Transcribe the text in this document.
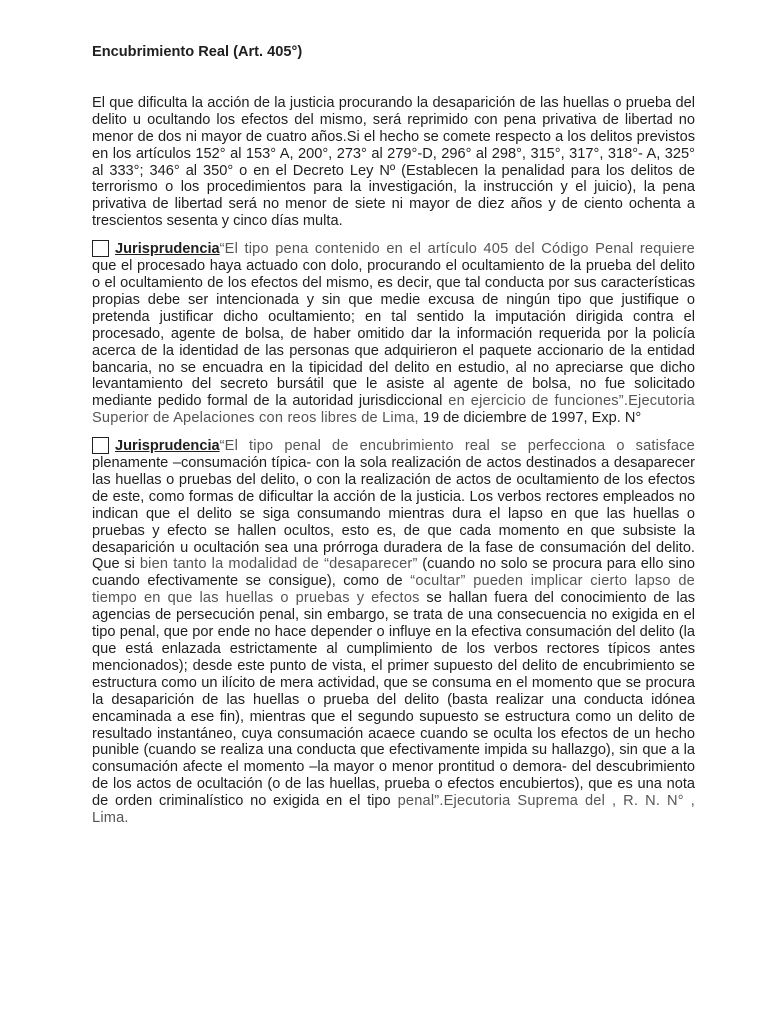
Encubrimiento Real (Art. 405°)

El que dificulta la acción de la justicia procurando la desaparición de las huellas o prueba del delito u ocultando los efectos del mismo, será reprimido con pena privativa de libertad no menor de dos ni mayor de cuatro años.Si el hecho se comete respecto a los delitos previstos en los artículos 152° al 153° A, 200°, 273° al 279°-D, 296° al 298°, 315°, 317°, 318°- A, 325° al 333°; 346° al 350° o en el Decreto Ley Nº (Establecen la penalidad para los delitos de terrorismo o los procedimientos para la investigación, la instrucción y el juicio), la pena privativa de libertad será no menor de siete ni mayor de diez años y de ciento ochenta a trescientos sesenta y cinco días multa.

Jurisprudencia“El tipo pena contenido en el artículo 405 del Código Penal requiere que el procesado haya actuado con dolo, procurando el ocultamiento de la prueba del delito o el ocultamiento de los efectos del mismo, es decir, que tal conducta por sus características propias debe ser intencionada y sin que medie excusa de ningún tipo que justifique o pretenda justificar dicho ocultamiento; en tal sentido la imputación dirigida contra el procesado, agente de bolsa, de haber omitido dar la información requerida por la policía acerca de la identidad de las personas que adquirieron el paquete accionario de la entidad bancaria, no se encuadra en la tipicidad del delito en estudio, al no apreciarse que dicho levantamiento del secreto bursátil que le asiste al agente de bolsa, no fue solicitado mediante pedido formal de la autoridad jurisdiccional en ejercicio de funciones”.Ejecutoria Superior de Apelaciones con reos libres de Lima, 19 de diciembre de 1997, Exp. N°

Jurisprudencia“El tipo penal de encubrimiento real se perfecciona o satisface plenamente –consumación típica- con la sola realización de actos destinados a desaparecer las huellas o pruebas del delito, o con la realización de actos de ocultamiento de los efectos de este, como formas de dificultar la acción de la justicia. Los verbos rectores empleados no indican que el delito se siga consumando mientras dura el lapso en que las huellas o pruebas y efecto se hallen ocultos, esto es, de que cada momento en que subsiste la desaparición u ocultación sea una prórroga duradera de la fase de consumación del delito. Que si bien tanto la modalidad de “desaparecer” (cuando no solo se procura para ello sino cuando efectivamente se consigue), como de “ocultar” pueden implicar cierto lapso de tiempo en que las huellas o pruebas y efectos se hallan fuera del conocimiento de las agencias de persecución penal, sin embargo, se trata de una consecuencia no exigida en el tipo penal, que por ende no hace depender o influye en la efectiva consumación del delito (la que está enlazada estrictamente al cumplimiento de los verbos rectores típicos antes mencionados); desde este punto de vista, el primer supuesto del delito de encubrimiento se estructura como un ilícito de mera actividad, que se consuma en el momento que se procura la desaparición de las huellas o prueba del delito (basta realizar una conducta idónea encaminada a ese fin), mientras que el segundo supuesto se estructura como un delito de resultado instantáneo, cuya consumación acaece cuando se oculta los efectos de un hecho punible (cuando se realiza una conducta que efectivamente impida su hallazgo), sin que a la consumación afecte el momento –la mayor o menor prontitud o demora- del descubrimiento de los actos de ocultación (o de las huellas, prueba o efectos encubiertos), que es una nota de orden criminalístico no exigida en el tipo penal”.Ejecutoria Suprema del , R. N. N° , Lima.
